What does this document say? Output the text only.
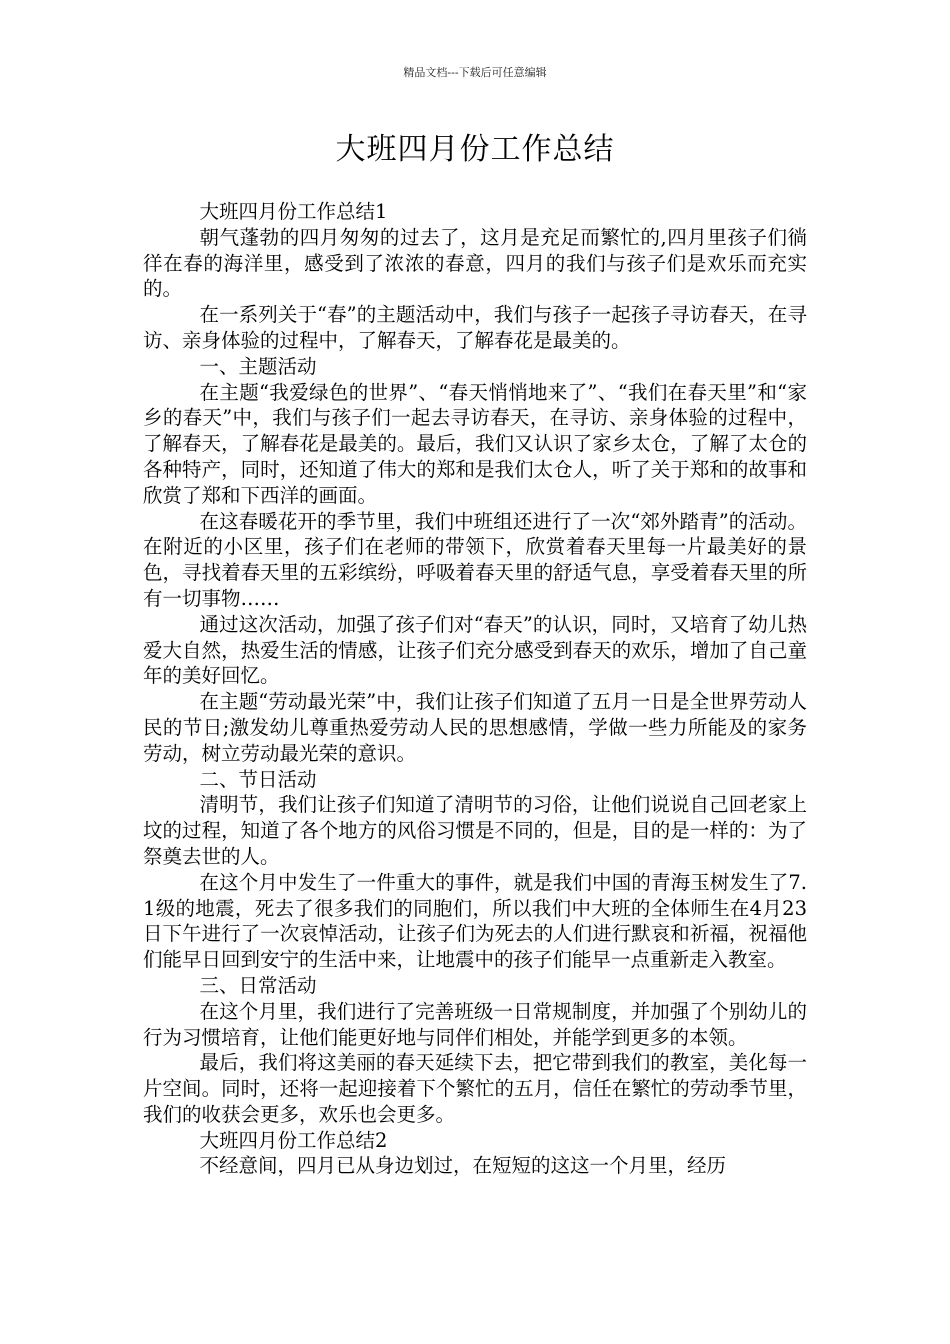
精品文档---下载后可任意编辑
大班四月份工作总结

大班四月份工作总结1

朝气蓬勃的四月匆匆的过去了，这月是充足而繁忙的,四月里孩子们徜徉在春的海洋里，感受到了浓浓的春意，四月的我们与孩子们是欢乐而充实的。

在一系列关于“春”的主题活动中，我们与孩子一起孩子寻访春天，在寻访、亲身体验的过程中，了解春天，了解春花是最美的。

一、主题活动

在主题“我爱绿色的世界”、“春天悄悄地来了”、“我们在春天里”和“家乡的春天”中，我们与孩子们一起去寻访春天，在寻访、亲身体验的过程中，了解春天，了解春花是最美的。最后，我们又认识了家乡太仓，了解了太仓的各种特产，同时，还知道了伟大的郑和是我们太仓人，听了关于郑和的故事和欣赏了郑和下西洋的画面。

在这春暖花开的季节里，我们中班组还进行了一次“郊外踏青”的活动。在附近的小区里，孩子们在老师的带领下，欣赏着春天里每一片最美好的景色，寻找着春天里的五彩缤纷，呼吸着春天里的舒适气息，享受着春天里的所有一切事物……

通过这次活动，加强了孩子们对“春天”的认识，同时，又培育了幼儿热爱大自然，热爱生活的情感，让孩子们充分感受到春天的欢乐，增加了自己童年的美好回忆。

在主题“劳动最光荣”中，我们让孩子们知道了五月一日是全世界劳动人民的节日;激发幼儿尊重热爱劳动人民的思想感情，学做一些力所能及的家务劳动，树立劳动最光荣的意识。

二、节日活动

清明节，我们让孩子们知道了清明节的习俗，让他们说说自己回老家上坟的过程，知道了各个地方的风俗习惯是不同的，但是，目的是一样的：为了祭奠去世的人。

在这个月中发生了一件重大的事件，就是我们中国的青海玉树发生了7.1级的地震，死去了很多我们的同胞们，所以我们中大班的全体师生在4月23日下午进行了一次哀悼活动，让孩子们为死去的人们进行默哀和祈福，祝福他们能早日回到安宁的生活中来，让地震中的孩子们能早一点重新走入教室。

三、日常活动

在这个月里，我们进行了完善班级一日常规制度，并加强了个别幼儿的行为习惯培育，让他们能更好地与同伴们相处，并能学到更多的本领。

最后，我们将这美丽的春天延续下去，把它带到我们的教室，美化每一片空间。同时，还将一起迎接着下个繁忙的五月，信任在繁忙的劳动季节里，我们的收获会更多，欢乐也会更多。

大班四月份工作总结2

不经意间，四月已从身边划过，在短短的这这一个月里，经历
